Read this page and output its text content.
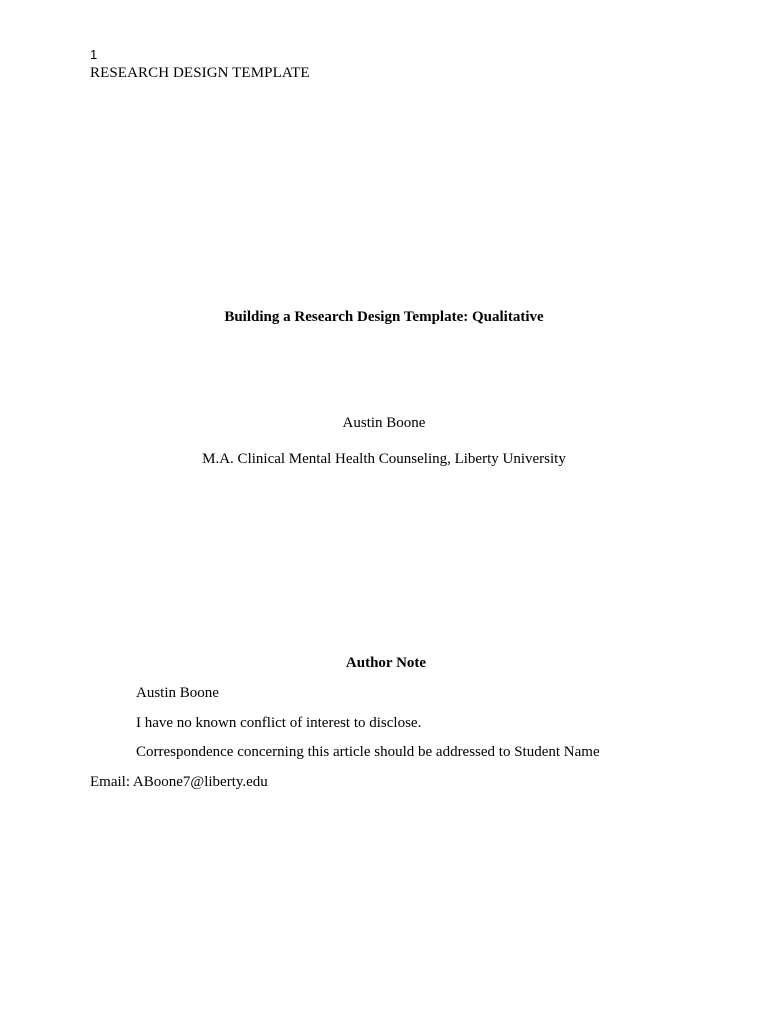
1
RESEARCH DESIGN TEMPLATE
Building a Research Design Template: Qualitative
Austin Boone
M.A. Clinical Mental Health Counseling, Liberty University
Author Note
Austin Boone
I have no known conflict of interest to disclose.
Correspondence concerning this article should be addressed to Student Name
Email: ABoone7@liberty.edu
